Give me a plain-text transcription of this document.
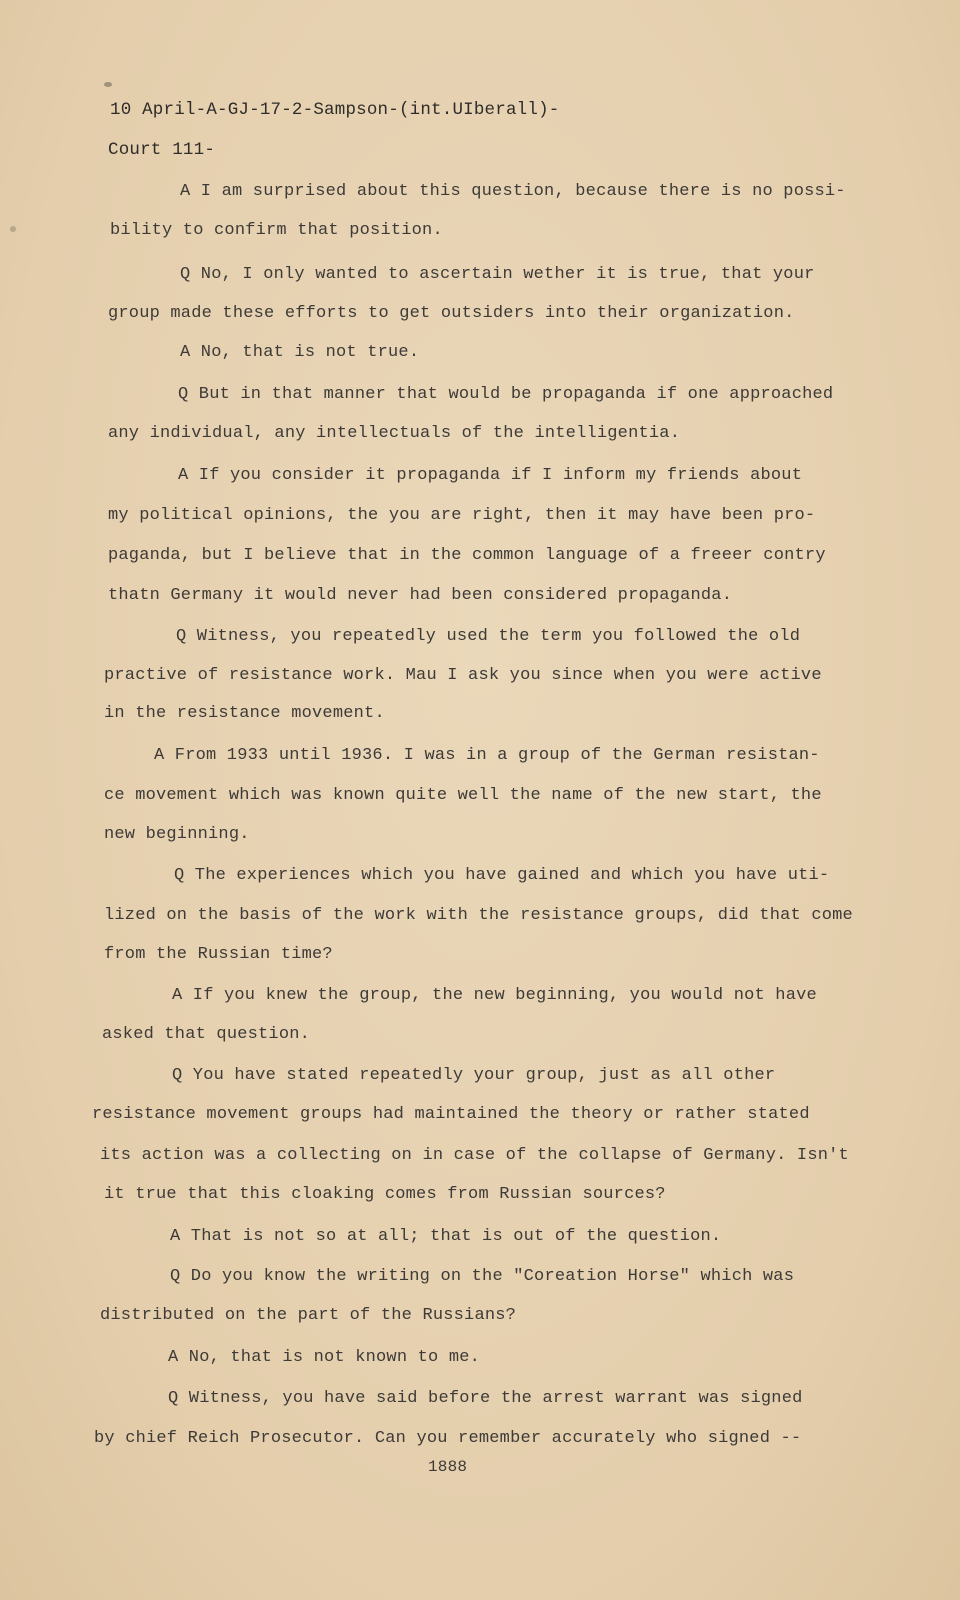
10 April-A-GJ-17-2-Sampson-(int.UIberall)-
Court 111-
A I am surprised about this question, because there is no possi-
bility to confirm that position.
Q No, I only wanted to ascertain wether it is true, that your
group made these efforts to get outsiders into their organization.
A No, that is not true.
Q But in that manner that would be propaganda if one approached
any individual, any intellectuals of the intelligentia.
A If you consider it propaganda if I inform my friends about
my political opinions, the you are right, then it may have been pro-
paganda, but I believe that in the common language of a freeer contry
thatn Germany it would never had been considered propaganda.
Q Witness, you repeatedly used the term you followed the old
practive of resistance work. Mau I ask you since when you were active
in the resistance movement.
A From 1933 until 1936. I was in a group of the German resistan-
ce movement which was known quite well the name of the new start, the
new beginning.
Q The experiences which you have gained and which you have uti-
lized on the basis of the work with the resistance groups, did that come
from the Russian time?
A If you knew the group, the new beginning, you would not have
asked that question.
Q You have stated repeatedly your group, just as all other
resistance movement groups had maintained the theory or rather stated
its action was a collecting on in case of the collapse of Germany. Isn't
it true that this cloaking comes from Russian sources?
A That is not so at all; that is out of the question.
Q Do you know the writing on the "Coreation Horse" which was
distributed on the part of the Russians?
A No, that is not known to me.
Q Witness, you have said before the arrest warrant was signed
by chief Reich Prosecutor. Can you remember accurately who signed --
1888
